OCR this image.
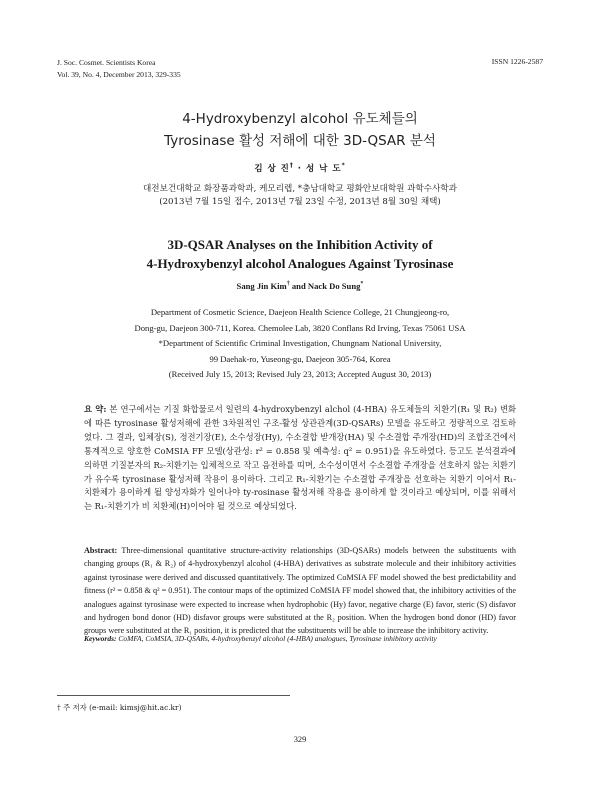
J. Soc. Cosmet. Scientists Korea
Vol. 39, No. 4, December 2013, 329-335
ISSN 1226-2587
4-Hydroxybenzyl alcohol 유도체들의
Tyrosinase 활성 저해에 대한 3D-QSAR 분석
김 상 진† · 성 낙 도*
대전보건대학교 화장품과학과, 케모리렙, *충남대학교 평화안보대학원 과학수사학과
(2013년 7월 15일 접수, 2013년 7월 23일 수정, 2013년 8월 30일 채택)
3D-QSAR Analyses on the Inhibition Activity of
4-Hydroxybenzyl alcohol Analogues Against Tyrosinase
Sang Jin Kim† and Nack Do Sung*
Department of Cosmetic Science, Daejeon Health Science College, 21 Chungjeong-ro,
Dong-gu, Daejeon 300-711, Korea. Chemolee Lab, 3820 Conflans Rd Irving, Texas 75061 USA
*Department of Scientific Criminal Investigation, Chungnam National University,
99 Daehak-ro, Yuseong-gu, Daejeon 305-764, Korea
(Received July 15, 2013; Revised July 23, 2013; Accepted August 30, 2013)
요 약: 본 연구에서는 기질 화합물로서 일련의 4-hydroxybenzyl alchol (4-HBA) 유도체들의 치환기(R₁ 및 R₂) 변화에 따른 tyrosinase 활성저해에 관한 3차원적인 구조-활성 상관관계(3D-QSARs) 모델을 유도하고 정량적으로 검토하였다. 그 결과, 입체장(S), 정전기장(E), 소수성장(Hy), 수소결합 받개장(HA) 및 수소결합 주개장(HD)의 조합조건에서 통계적으로 양호한 CoMSIA FF 모델(상관성: r² = 0.858 및 예측성: q² = 0.951)을 유도하였다. 등고도 분석결과에 의하면 기질분자의 R₂-치환기는 입체적으로 작고 음전하를 띠며, 소수성이면서 수소결합 주개장을 선호하지 않는 치환기가 유수록 tyrosinase 활성저해 작용이 용이하다. 그리고 R₁-치환기는 수소결합 주개장을 선호하는 치환기 이어서 R₁-치환체가 용이하게 될 양성자화가 일어나야 ty-rosinase 활성저해 작용을 용이하게 할 것이라고 예상되며, 이를 위해서는 R₁-치환기가 비 치환체(H)이어야 될 것으로 예상되었다.
Abstract: Three-dimensional quantitative structure-activity relationships (3D-QSARs) models between the substituents with changing groups (R₁ & R₂) of 4-hydroxybenzyl alcohol (4-HBA) derivatives as substrate molecule and their inhibitory activities against tyrosinase were derived and discussed quantitatively. The optimized CoMSIA FF model showed the best predictability and fitness (r² = 0.858 & q² = 0.951). The contour maps of the optimized CoMSIA FF model showed that, the inhibitory activities of the analogues against tyrosinase were expected to increase when hydrophobic (Hy) favor, negative charge (E) favor, steric (S) disfavor and hydrogen bond donor (HD) disfavor groups were substituted at the R₂ position. When the hydrogen bond donor (HD) favor groups were substituted at the R₁ position, it is predicted that the substituents will be able to increase the inhibitory activity.
Keywords: CoMFA, CoMSIA, 3D-QSARs, 4-hydroxybenzyl alcohol (4-HBA) analogues, Tyrosinase inhibitory activity
† 주 저자 (e-mail: kimsj@hit.ac.kr)
329
